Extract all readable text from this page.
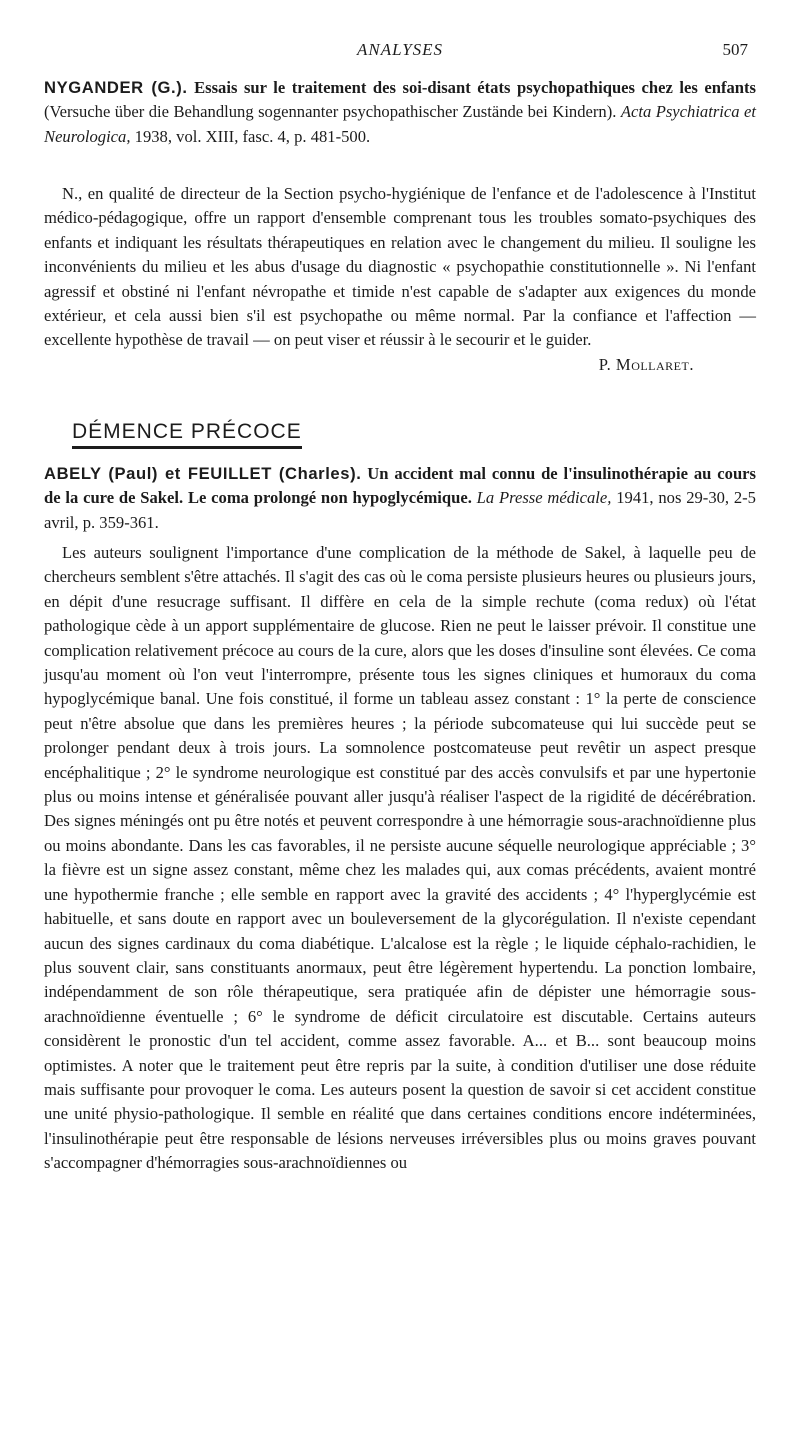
ANALYSES	507
NYGANDER (G.). Essais sur le traitement des soi-disant états psychopathiques chez les enfants (Versuche über die Behandlung sogennanter psychopathischer Zustände bei Kindern). Acta Psychiatrica et Neurologica, 1938, vol. XIII, fasc. 4, p. 481-500.
N., en qualité de directeur de la Section psycho-hygiénique de l'enfance et de l'adolescence à l'Institut médico-pédagogique, offre un rapport d'ensemble comprenant tous les troubles somato-psychiques des enfants et indiquant les résultats thérapeutiques en relation avec le changement du milieu. Il souligne les inconvénients du milieu et les abus d'usage du diagnostic « psychopathie constitutionnelle ». Ni l'enfant agressif et obstiné ni l'enfant névropathe et timide n'est capable de s'adapter aux exigences du monde extérieur, et cela aussi bien s'il est psychopathe ou même normal. Par la confiance et l'affection — excellente hypothèse de travail — on peut viser et réussir à le secourir et le guider.
P. Mollaret.
DÉMENCE PRÉCOCE
ABELY (Paul) et FEUILLET (Charles). Un accident mal connu de l'insulinothérapie au cours de la cure de Sakel. Le coma prolongé non hypoglycémique. La Presse médicale, 1941, nos 29-30, 2-5 avril, p. 359-361.
Les auteurs soulignent l'importance d'une complication de la méthode de Sakel, à laquelle peu de chercheurs semblent s'être attachés. Il s'agit des cas où le coma persiste plusieurs heures ou plusieurs jours, en dépit d'une resucrage suffisant. Il diffère en cela de la simple rechute (coma redux) où l'état pathologique cède à un apport supplémentaire de glucose. Rien ne peut le laisser prévoir. Il constitue une complication relativement précoce au cours de la cure, alors que les doses d'insuline sont élevées. Ce coma jusqu'au moment où l'on veut l'interrompre, présente tous les signes cliniques et humoraux du coma hypoglycémique banal. Une fois constitué, il forme un tableau assez constant : 1° la perte de conscience peut n'être absolue que dans les premières heures ; la période subcomateuse qui lui succède peut se prolonger pendant deux à trois jours. La somnolence postcomateuse peut revêtir un aspect presque encéphalitique ; 2° le syndrome neurologique est constitué par des accès convulsifs et par une hypertonie plus ou moins intense et généralisée pouvant aller jusqu'à réaliser l'aspect de la rigidité de décérébration. Des signes méningés ont pu être notés et peuvent correspondre à une hémorragie sous-arachnoïdienne plus ou moins abondante. Dans les cas favorables, il ne persiste aucune séquelle neurologique appréciable ; 3° la fièvre est un signe assez constant, même chez les malades qui, aux comas précédents, avaient montré une hypothermie franche ; elle semble en rapport avec la gravité des accidents ; 4° l'hyperglycémie est habituelle, et sans doute en rapport avec un bouleversement de la glycorégulation. Il n'existe cependant aucun des signes cardinaux du coma diabétique. L'alcalose est la règle ; le liquide céphalo-rachidien, le plus souvent clair, sans constituants anormaux, peut être légèrement hypertendu. La ponction lombaire, indépendamment de son rôle thérapeutique, sera pratiquée afin de dépister une hémorragie sous-arachnoïdienne éventuelle ; 6° le syndrome de déficit circulatoire est discutable. Certains auteurs considèrent le pronostic d'un tel accident, comme assez favorable. A... et B... sont beaucoup moins optimistes. A noter que le traitement peut être repris par la suite, à condition d'utiliser une dose réduite mais suffisante pour provoquer le coma. Les auteurs posent la question de savoir si cet accident constitue une unité physio-pathologique. Il semble en réalité que dans certaines conditions encore indéterminées, l'insulinothérapie peut être responsable de lésions nerveuses irréversibles plus ou moins graves pouvant s'accompagner d'hémorragies sous-arachnoïdiennes ou
